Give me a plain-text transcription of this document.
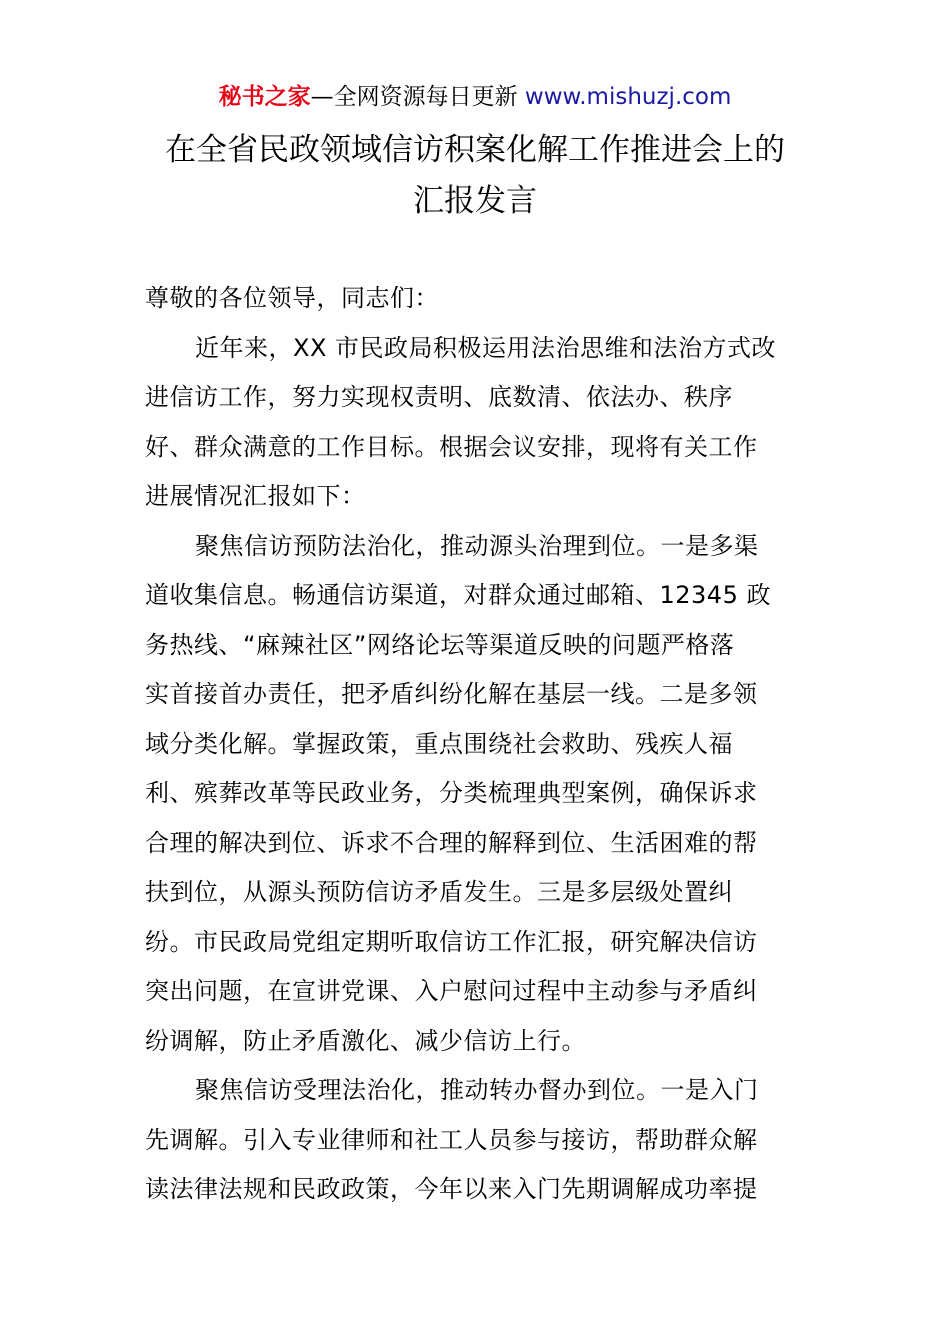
秘书之家—全网资源每日更新 www.mishuzj.com
在全省民政领域信访积案化解工作推进会上的
汇报发言
尊敬的各位领导，同志们：
近年来，XX 市民政局积极运用法治思维和法治方式改
进信访工作，努力实现权责明、底数清、依法办、秩序
好、群众满意的工作目标。根据会议安排，现将有关工作
进展情况汇报如下：
聚焦信访预防法治化，推动源头治理到位。一是多渠
道收集信息。畅通信访渠道，对群众通过邮箱、12345 政
务热线、“麻辣社区”网络论坛等渠道反映的问题严格落
实首接首办责任，把矛盾纠纷化解在基层一线。二是多领
域分类化解。掌握政策，重点围绕社会救助、残疾人福
利、殡葬改革等民政业务，分类梳理典型案例，确保诉求
合理的解决到位、诉求不合理的解释到位、生活困难的帮
扶到位，从源头预防信访矛盾发生。三是多层级处置纠
纷。市民政局党组定期听取信访工作汇报，研究解决信访
突出问题，在宣讲党课、入户慰问过程中主动参与矛盾纠
纷调解，防止矛盾激化、减少信访上行。
聚焦信访受理法治化，推动转办督办到位。一是入门
先调解。引入专业律师和社工人员参与接访，帮助群众解
读法律法规和民政政策，今年以来入门先期调解成功率提
